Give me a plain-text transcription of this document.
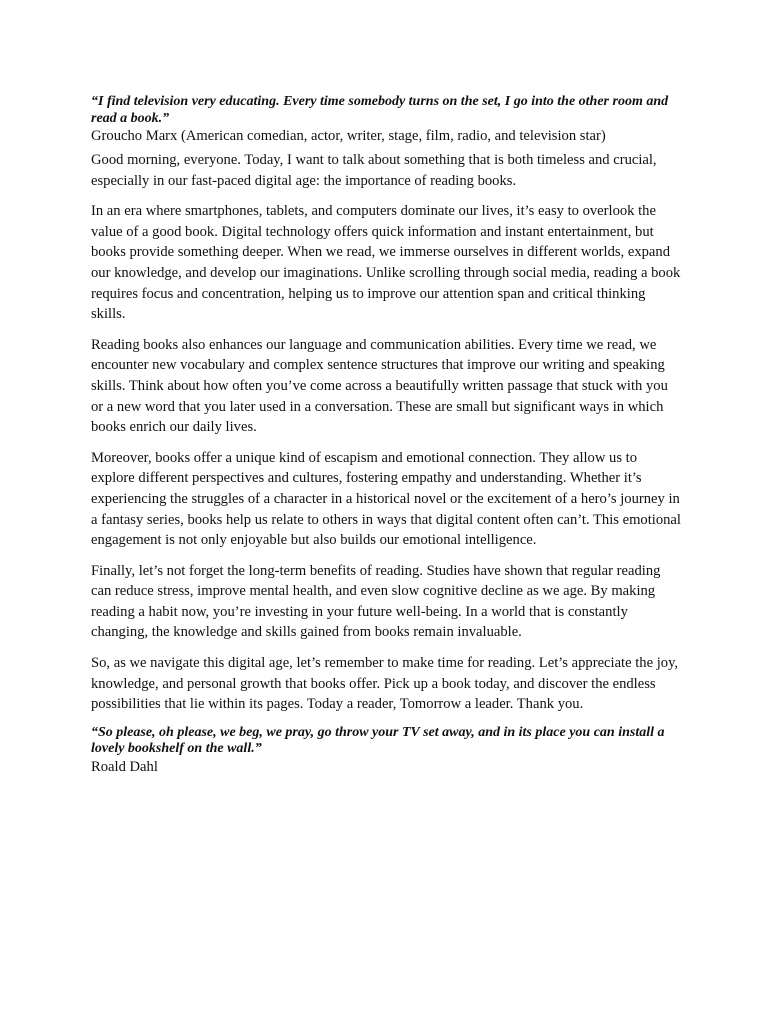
“I find television very educating. Every time somebody turns on the set, I go into the other room and read a book.”
Groucho Marx (American comedian, actor, writer, stage, film, radio, and television star)

Good morning, everyone. Today, I want to talk about something that is both timeless and crucial, especially in our fast-paced digital age: the importance of reading books.

In an era where smartphones, tablets, and computers dominate our lives, it’s easy to overlook the value of a good book. Digital technology offers quick information and instant entertainment, but books provide something deeper. When we read, we immerse ourselves in different worlds, expand our knowledge, and develop our imaginations. Unlike scrolling through social media, reading a book requires focus and concentration, helping us to improve our attention span and critical thinking skills.

Reading books also enhances our language and communication abilities. Every time we read, we encounter new vocabulary and complex sentence structures that improve our writing and speaking skills. Think about how often you’ve come across a beautifully written passage that stuck with you or a new word that you later used in a conversation. These are small but significant ways in which books enrich our daily lives.

Moreover, books offer a unique kind of escapism and emotional connection. They allow us to explore different perspectives and cultures, fostering empathy and understanding. Whether it’s experiencing the struggles of a character in a historical novel or the excitement of a hero’s journey in a fantasy series, books help us relate to others in ways that digital content often can’t. This emotional engagement is not only enjoyable but also builds our emotional intelligence.

Finally, let’s not forget the long-term benefits of reading. Studies have shown that regular reading can reduce stress, improve mental health, and even slow cognitive decline as we age. By making reading a habit now, you’re investing in your future well-being. In a world that is constantly changing, the knowledge and skills gained from books remain invaluable.

So, as we navigate this digital age, let’s remember to make time for reading. Let’s appreciate the joy, knowledge, and personal growth that books offer. Pick up a book today, and discover the endless possibilities that lie within its pages. Today a reader, Tomorrow a leader. Thank you.

“So please, oh please, we beg, we pray, go throw your TV set away, and in its place you can install a lovely bookshelf on the wall.”
Roald Dahl
